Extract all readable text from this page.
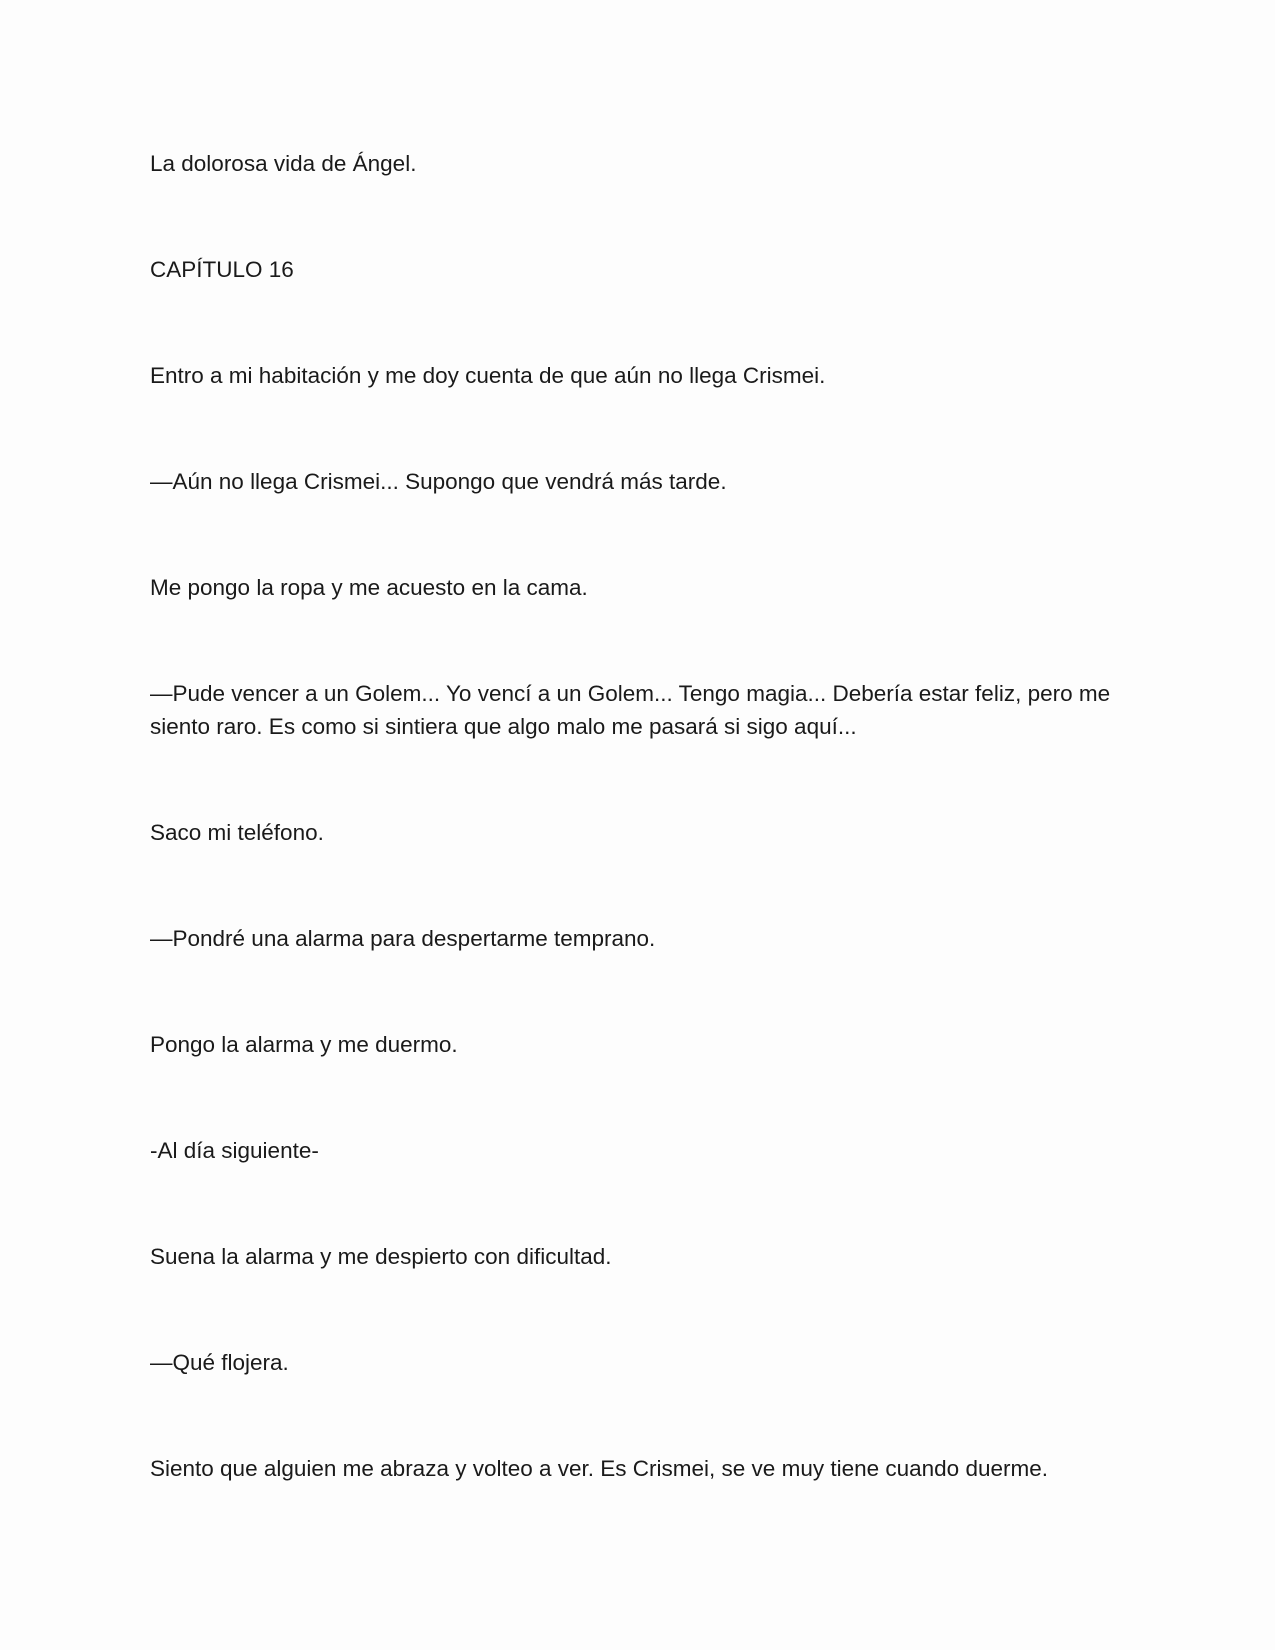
La dolorosa vida de Ángel.

CAPÍTULO 16

Entro a mi habitación y me doy cuenta de que aún no llega Crismei.

—Aún no llega Crismei... Supongo que vendrá más tarde.

Me pongo la ropa y me acuesto en la cama.

—Pude vencer a un Golem... Yo vencí a un Golem... Tengo magia... Debería estar feliz, pero me siento raro. Es como si sintiera que algo malo me pasará si sigo aquí...

Saco mi teléfono.

—Pondré una alarma para despertarme temprano.

Pongo la alarma y me duermo.

-Al día siguiente-

Suena la alarma y me despierto con dificultad.

—Qué flojera.

Siento que alguien me abraza y volteo a ver. Es Crismei, se ve muy tiene cuando duerme.
